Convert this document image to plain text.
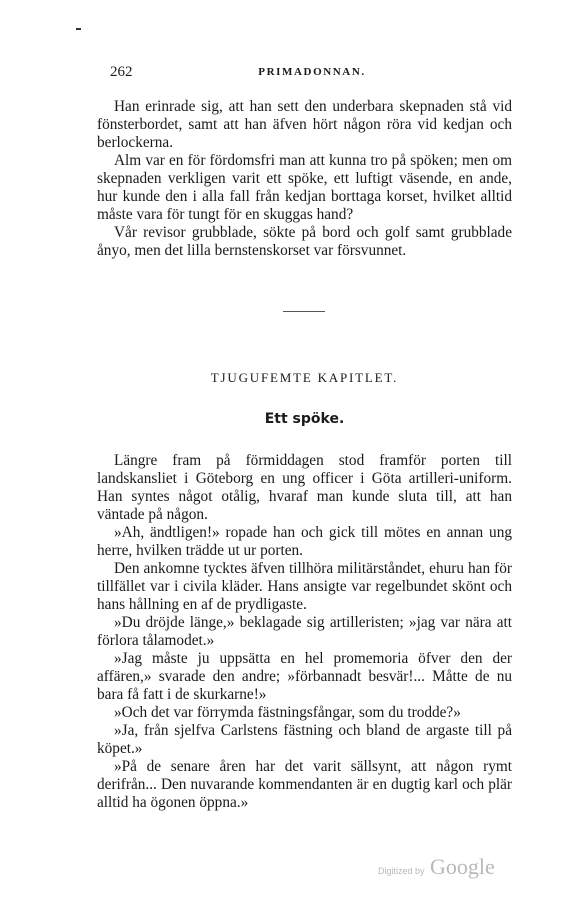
262	PRIMADONNAN.

Han erinrade sig, att han sett den underbara skepnaden stå vid fönsterbordet, samt att han äfven hört någon röra vid kedjan och berlockerna.

Alm var en för fördomsfri man att kunna tro på spöken; men om skepnaden verkligen varit ett spöke, ett luftigt väsende, en ande, hur kunde den i alla fall från kedjan borttaga korset, hvilket alltid måste vara för tungt för en skuggas hand?

Vår revisor grubblade, sökte på bord och golf samt grubblade ånyo, men det lilla bernstenskorset var försvunnet.

TJUGUFEMTE KAPITLET.
Ett spöke.

Längre fram på förmiddagen stod framför porten till landskansliet i Göteborg en ung officer i Göta artilleri-uniform. Han syntes något otålig, hvaraf man kunde sluta till, att han väntade på någon.

»Ah, ändtligen!» ropade han och gick till mötes en annan ung herre, hvilken trädde ut ur porten.

Den ankomne tycktes äfven tillhöra militärståndet, ehuru han för tillfället var i civila kläder. Hans ansigte var regelbundet skönt och hans hållning en af de prydligaste.

»Du dröjde länge,» beklagade sig artilleristen; »jag var nära att förlora tålamodet.»

»Jag måste ju uppsätta en hel promemoria öfver den der affären,» svarade den andre; »förbannadt besvär!... Måtte de nu bara få fatt i de skurkarne!»

»Och det var förrymda fästningsfångar, som du trodde?»

»Ja, från sjelfva Carlstens fästning och bland de argaste till på köpet.»

»På de senare åren har det varit sällsynt, att någon rymt derifrån... Den nuvarande kommendanten är en dugtig karl och plär alltid ha ögonen öppna.»

Digitized by Google
